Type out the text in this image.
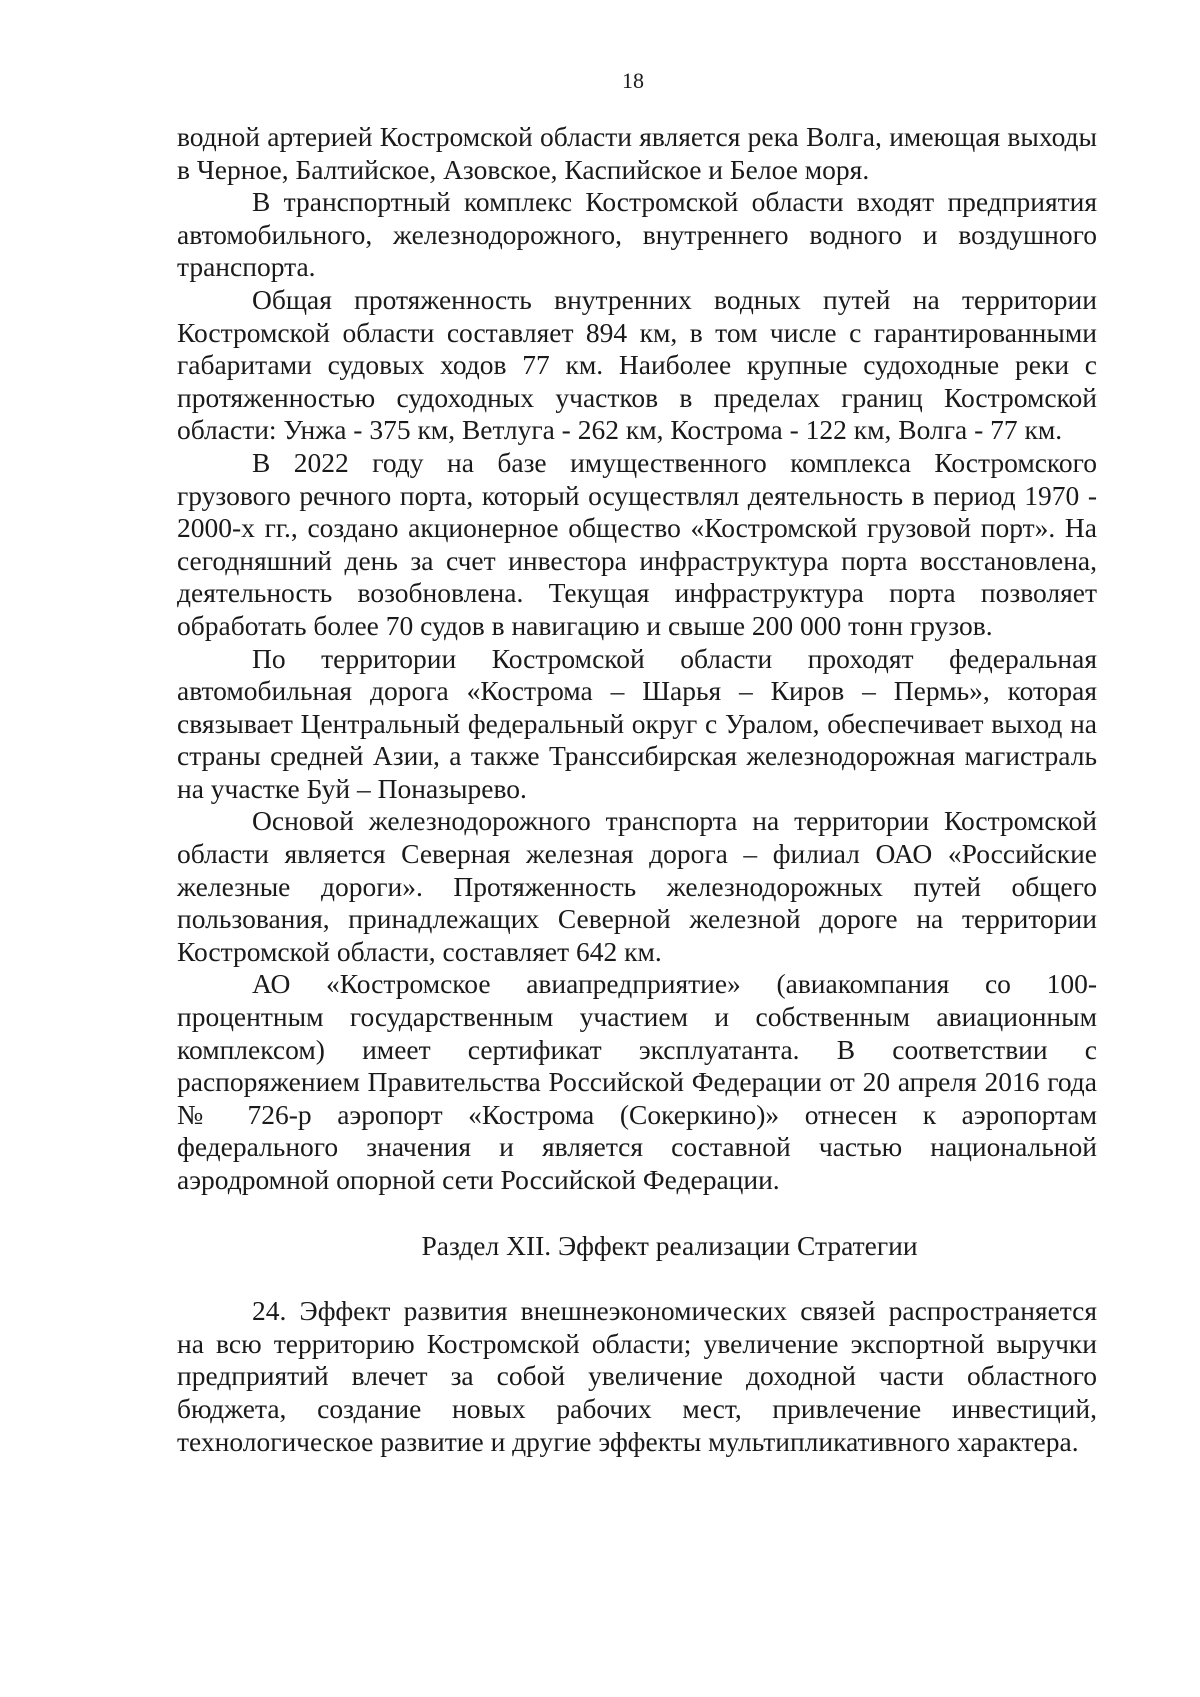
18

водной артерией Костромской области является река Волга, имеющая выходы в Черное, Балтийское, Азовское, Каспийское и Белое моря.

В транспортный комплекс Костромской области входят предприятия автомобильного, железнодорожного, внутреннего водного и воздушного транспорта.

Общая протяженность внутренних водных путей на территории Костромской области составляет 894 км, в том числе с гарантированными габаритами судовых ходов 77 км. Наиболее крупные судоходные реки с протяженностью судоходных участков в пределах границ Костромской области: Унжа - 375 км, Ветлуга - 262 км, Кострома - 122 км, Волга - 77 км.

В 2022 году на базе имущественного комплекса Костромского грузового речного порта, который осуществлял деятельность в период 1970 - 2000-х гг., создано акционерное общество «Костромской грузовой порт». На сегодняшний день за счет инвестора инфраструктура порта восстановлена, деятельность возобновлена. Текущая инфраструктура порта позволяет обработать более 70 судов в навигацию и свыше 200 000 тонн грузов.

По территории Костромской области проходят федеральная автомобильная дорога «Кострома – Шарья – Киров – Пермь», которая связывает Центральный федеральный округ с Уралом, обеспечивает выход на страны средней Азии, а также Транссибирская железнодорожная магистраль на участке Буй – Поназырево.

Основой железнодорожного транспорта на территории Костромской области является Северная железная дорога – филиал ОАО «Российские железные дороги». Протяженность железнодорожных путей общего пользования, принадлежащих Северной железной дороге на территории Костромской области, составляет 642 км.

АО «Костромское авиапредприятие» (авиакомпания со 100-процентным государственным участием и собственным авиационным комплексом) имеет сертификат эксплуатанта. В соответствии с распоряжением Правительства Российской Федерации от 20 апреля 2016 года № 726-р аэропорт «Кострома (Сокеркино)» отнесен к аэропортам федерального значения и является составной частью национальной аэродромной опорной сети Российской Федерации.

Раздел XII. Эффект реализации Стратегии

24. Эффект развития внешнеэкономических связей распространяется на всю территорию Костромской области; увеличение экспортной выручки предприятий влечет за собой увеличение доходной части областного бюджета, создание новых рабочих мест, привлечение инвестиций, технологическое развитие и другие эффекты мультипликативного характера.
